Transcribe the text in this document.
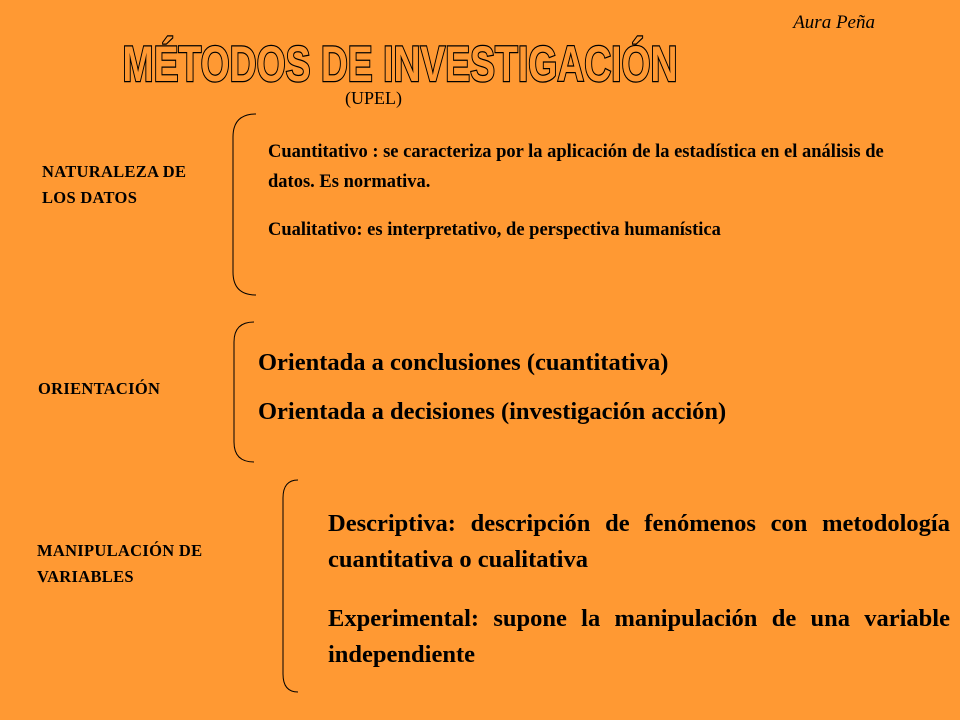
Aura Peña
MÉTODOS DE INVESTIGACIÓN
(UPEL)
NATURALEZA DE LOS DATOS
Cuantitativo : se caracteriza por la aplicación de la estadística en el análisis de datos. Es normativa.
Cualitativo: es interpretativo, de perspectiva humanística
ORIENTACIÓN
Orientada a conclusiones (cuantitativa)
Orientada a decisiones (investigación acción)
MANIPULACIÓN DE VARIABLES

Descriptiva: descripción de fenómenos con metodología cuantitativa o cualitativa

Experimental: supone la manipulación de una variable independiente
